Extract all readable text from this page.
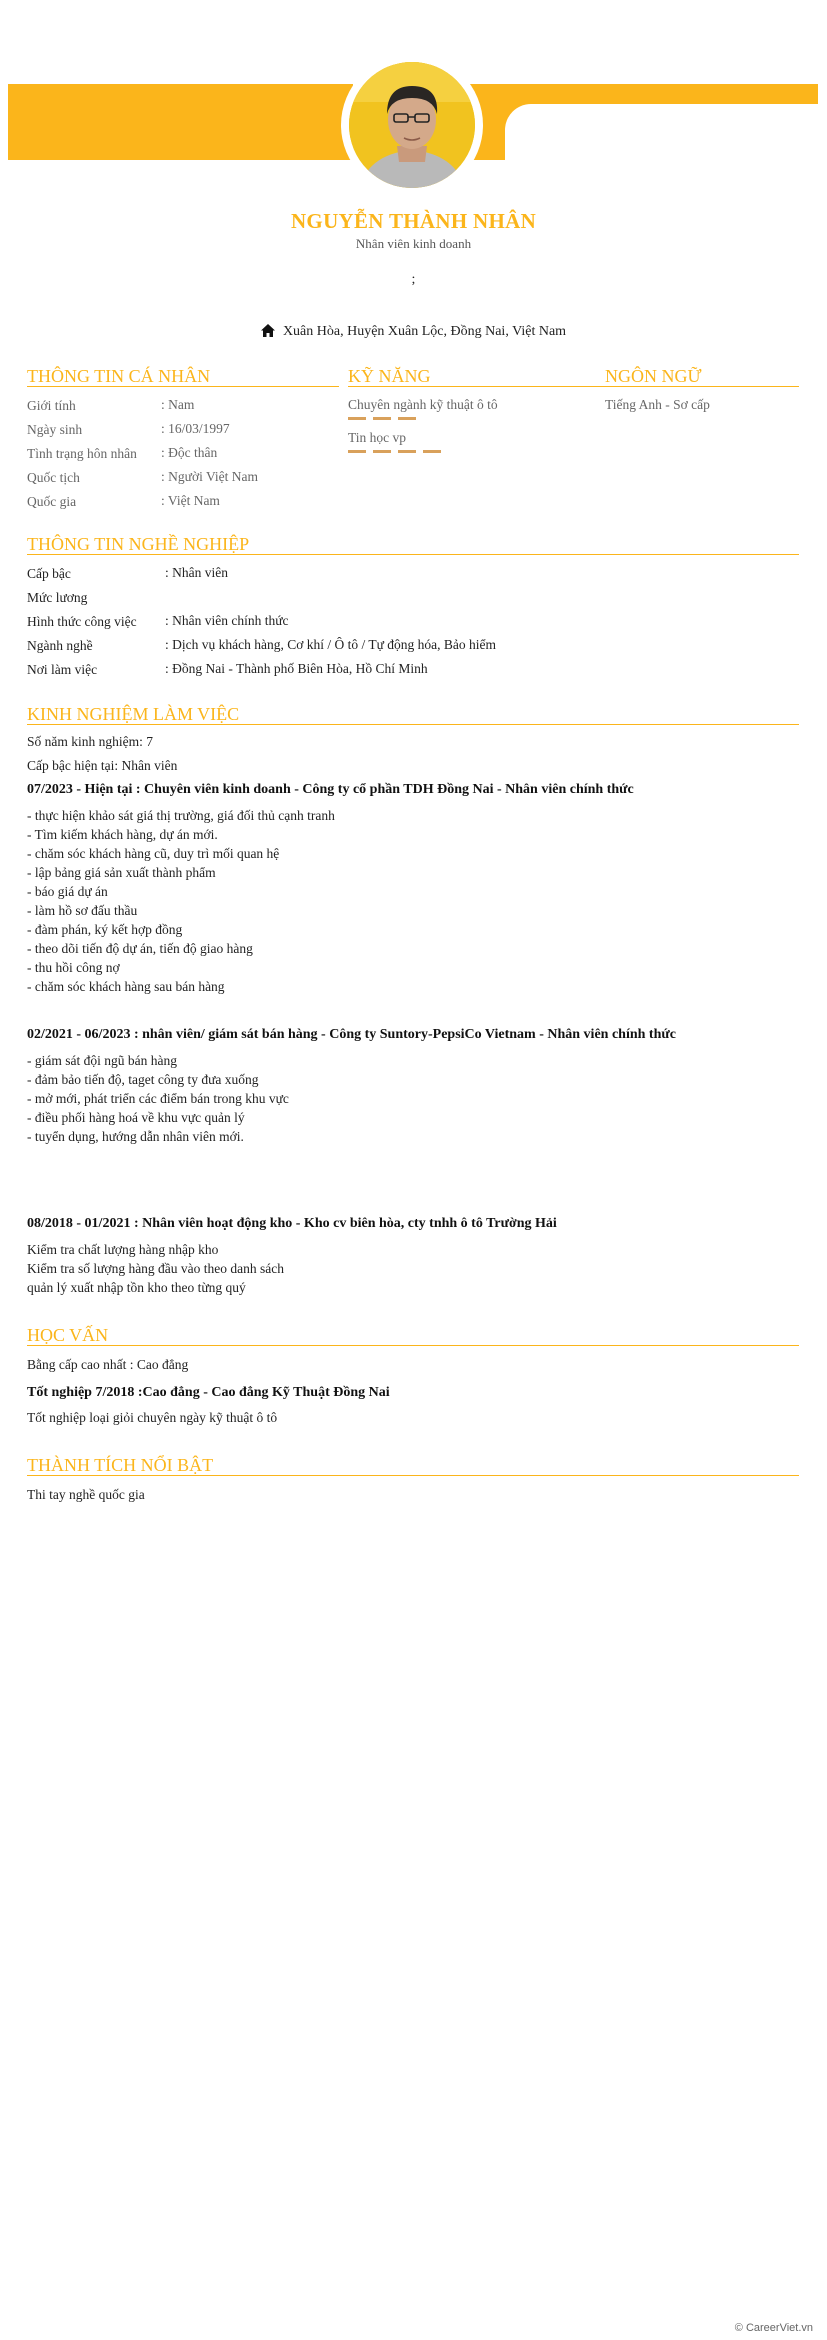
NGUYỄN THÀNH NHÂN
Nhân viên kinh doanh
;
Xuân Hòa, Huyện Xuân Lộc, Đồng Nai, Việt Nam
THÔNG TIN CÁ NHÂN
Giới tính	: Nam
Ngày sinh	: 16/03/1997
Tình trạng hôn nhân : Độc thân
Quốc tịch	: Người Việt Nam
Quốc gia	: Việt Nam
KỸ NĂNG
Chuyên ngành kỹ thuật ô tô
Tin học vp
NGÔN NGỮ
Tiếng Anh - Sơ cấp
THÔNG TIN NGHỀ NGHIỆP
Cấp bậc	: Nhân viên
Mức lương
Hình thức công việc : Nhân viên chính thức
Ngành nghề	: Dịch vụ khách hàng, Cơ khí / Ô tô / Tự động hóa, Bảo hiểm
Nơi làm việc	: Đồng Nai - Thành phố Biên Hòa, Hồ Chí Minh
KINH NGHIỆM LÀM VIỆC
Số năm kinh nghiệm: 7
Cấp bậc hiện tại: Nhân viên
07/2023 - Hiện tại : Chuyên viên kinh doanh - Công ty cổ phần TDH Đồng Nai - Nhân viên chính thức
- thực hiện khảo sát giá thị trường, giá đối thủ cạnh tranh
- Tìm kiếm khách hàng, dự án mới.
- chăm sóc khách hàng cũ, duy trì mối quan hệ
- lập bảng giá sản xuất thành phẩm
- báo giá dự án
- làm hồ sơ đấu thầu
- đàm phán, ký kết hợp đồng
- theo dõi tiến độ dự án, tiến độ giao hàng
- thu hồi công nợ
- chăm sóc khách hàng sau bán hàng
02/2021 - 06/2023 : nhân viên/ giám sát bán hàng - Công ty Suntory-PepsiCo Vietnam - Nhân viên chính thức
- giám sát đội ngũ bán hàng
- đảm bảo tiến độ, taget công ty đưa xuống
- mở mới, phát triển các điểm bán trong khu vực
- điều phối hàng hoá về khu vực quản lý
- tuyển dụng, hướng dẫn nhân viên mới.
08/2018 - 01/2021 : Nhân viên hoạt động kho - Kho cv biên hòa, cty tnhh ô tô Trường Hải
Kiểm tra chất lượng hàng nhập kho
Kiểm tra số lượng hàng đầu vào theo danh sách
quản lý xuất nhập tồn kho theo từng quý
HỌC VẤN
Bằng cấp cao nhất : Cao đẳng
Tốt nghiệp 7/2018 :Cao đẳng - Cao đẳng Kỹ Thuật Đồng Nai
Tốt nghiệp loại giỏi chuyên ngày kỹ thuật ô tô
THÀNH TÍCH NỔI BẬT
Thi tay nghề quốc gia
© CareerViet.vn
